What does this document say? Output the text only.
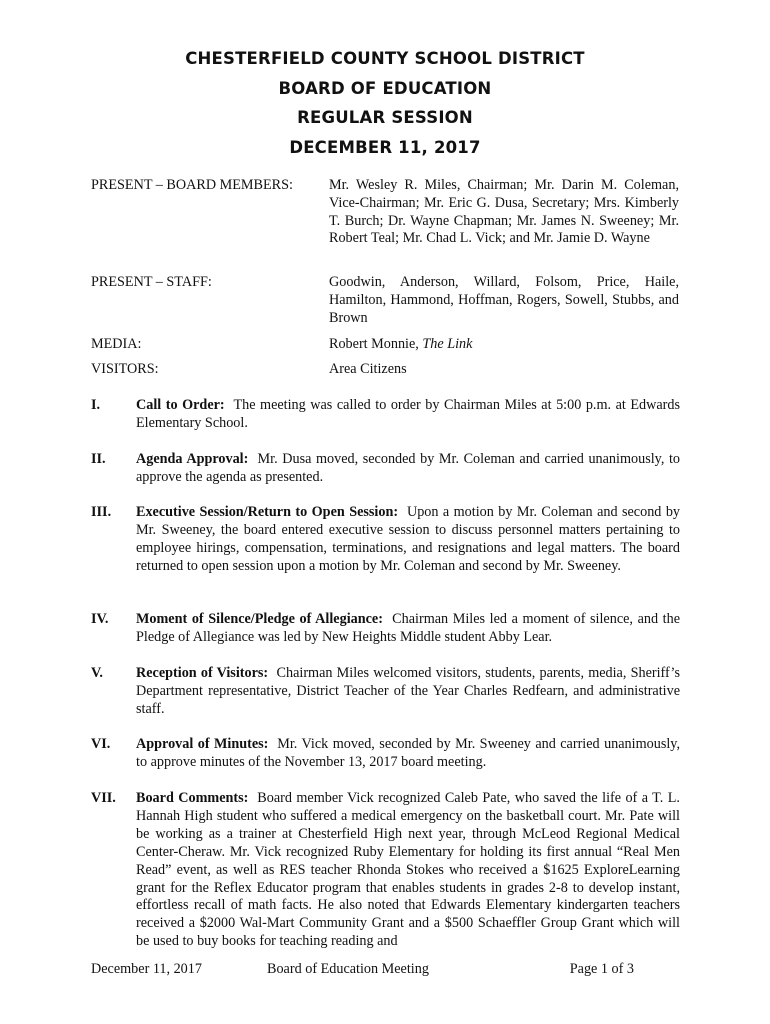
CHESTERFIELD COUNTY SCHOOL DISTRICT
BOARD OF EDUCATION
REGULAR SESSION
DECEMBER 11, 2017
PRESENT – BOARD MEMBERS:	Mr. Wesley R. Miles, Chairman; Mr. Darin M. Coleman, Vice-Chairman; Mr. Eric G. Dusa, Secretary; Mrs. Kimberly T. Burch; Dr. Wayne Chapman; Mr. James N. Sweeney; Mr. Robert Teal; Mr. Chad L. Vick; and Mr. Jamie D. Wayne
PRESENT – STAFF:	Goodwin, Anderson, Willard, Folsom, Price, Haile, Hamilton, Hammond, Hoffman, Rogers, Sowell, Stubbs, and Brown
MEDIA:	Robert Monnie, The Link
VISITORS:	Area Citizens
I.	Call to Order: The meeting was called to order by Chairman Miles at 5:00 p.m. at Edwards Elementary School.
II.	Agenda Approval: Mr. Dusa moved, seconded by Mr. Coleman and carried unanimously, to approve the agenda as presented.
III.	Executive Session/Return to Open Session: Upon a motion by Mr. Coleman and second by Mr. Sweeney, the board entered executive session to discuss personnel matters pertaining to employee hirings, compensation, terminations, and resignations and legal matters. The board returned to open session upon a motion by Mr. Coleman and second by Mr. Sweeney.
IV.	Moment of Silence/Pledge of Allegiance: Chairman Miles led a moment of silence, and the Pledge of Allegiance was led by New Heights Middle student Abby Lear.
V.	Reception of Visitors: Chairman Miles welcomed visitors, students, parents, media, Sheriff’s Department representative, District Teacher of the Year Charles Redfearn, and administrative staff.
VI.	Approval of Minutes: Mr. Vick moved, seconded by Mr. Sweeney and carried unanimously, to approve minutes of the November 13, 2017 board meeting.
VII.	Board Comments: Board member Vick recognized Caleb Pate, who saved the life of a T. L. Hannah High student who suffered a medical emergency on the basketball court. Mr. Pate will be working as a trainer at Chesterfield High next year, through McLeod Regional Medical Center-Cheraw. Mr. Vick recognized Ruby Elementary for holding its first annual “Real Men Read” event, as well as RES teacher Rhonda Stokes who received a $1625 ExploreLearning grant for the Reflex Educator program that enables students in grades 2-8 to develop instant, effortless recall of math facts. He also noted that Edwards Elementary kindergarten teachers received a $2000 Wal-Mart Community Grant and a $500 Schaeffler Group Grant which will be used to buy books for teaching reading and
December 11, 2017	Board of Education Meeting	Page 1 of 3
